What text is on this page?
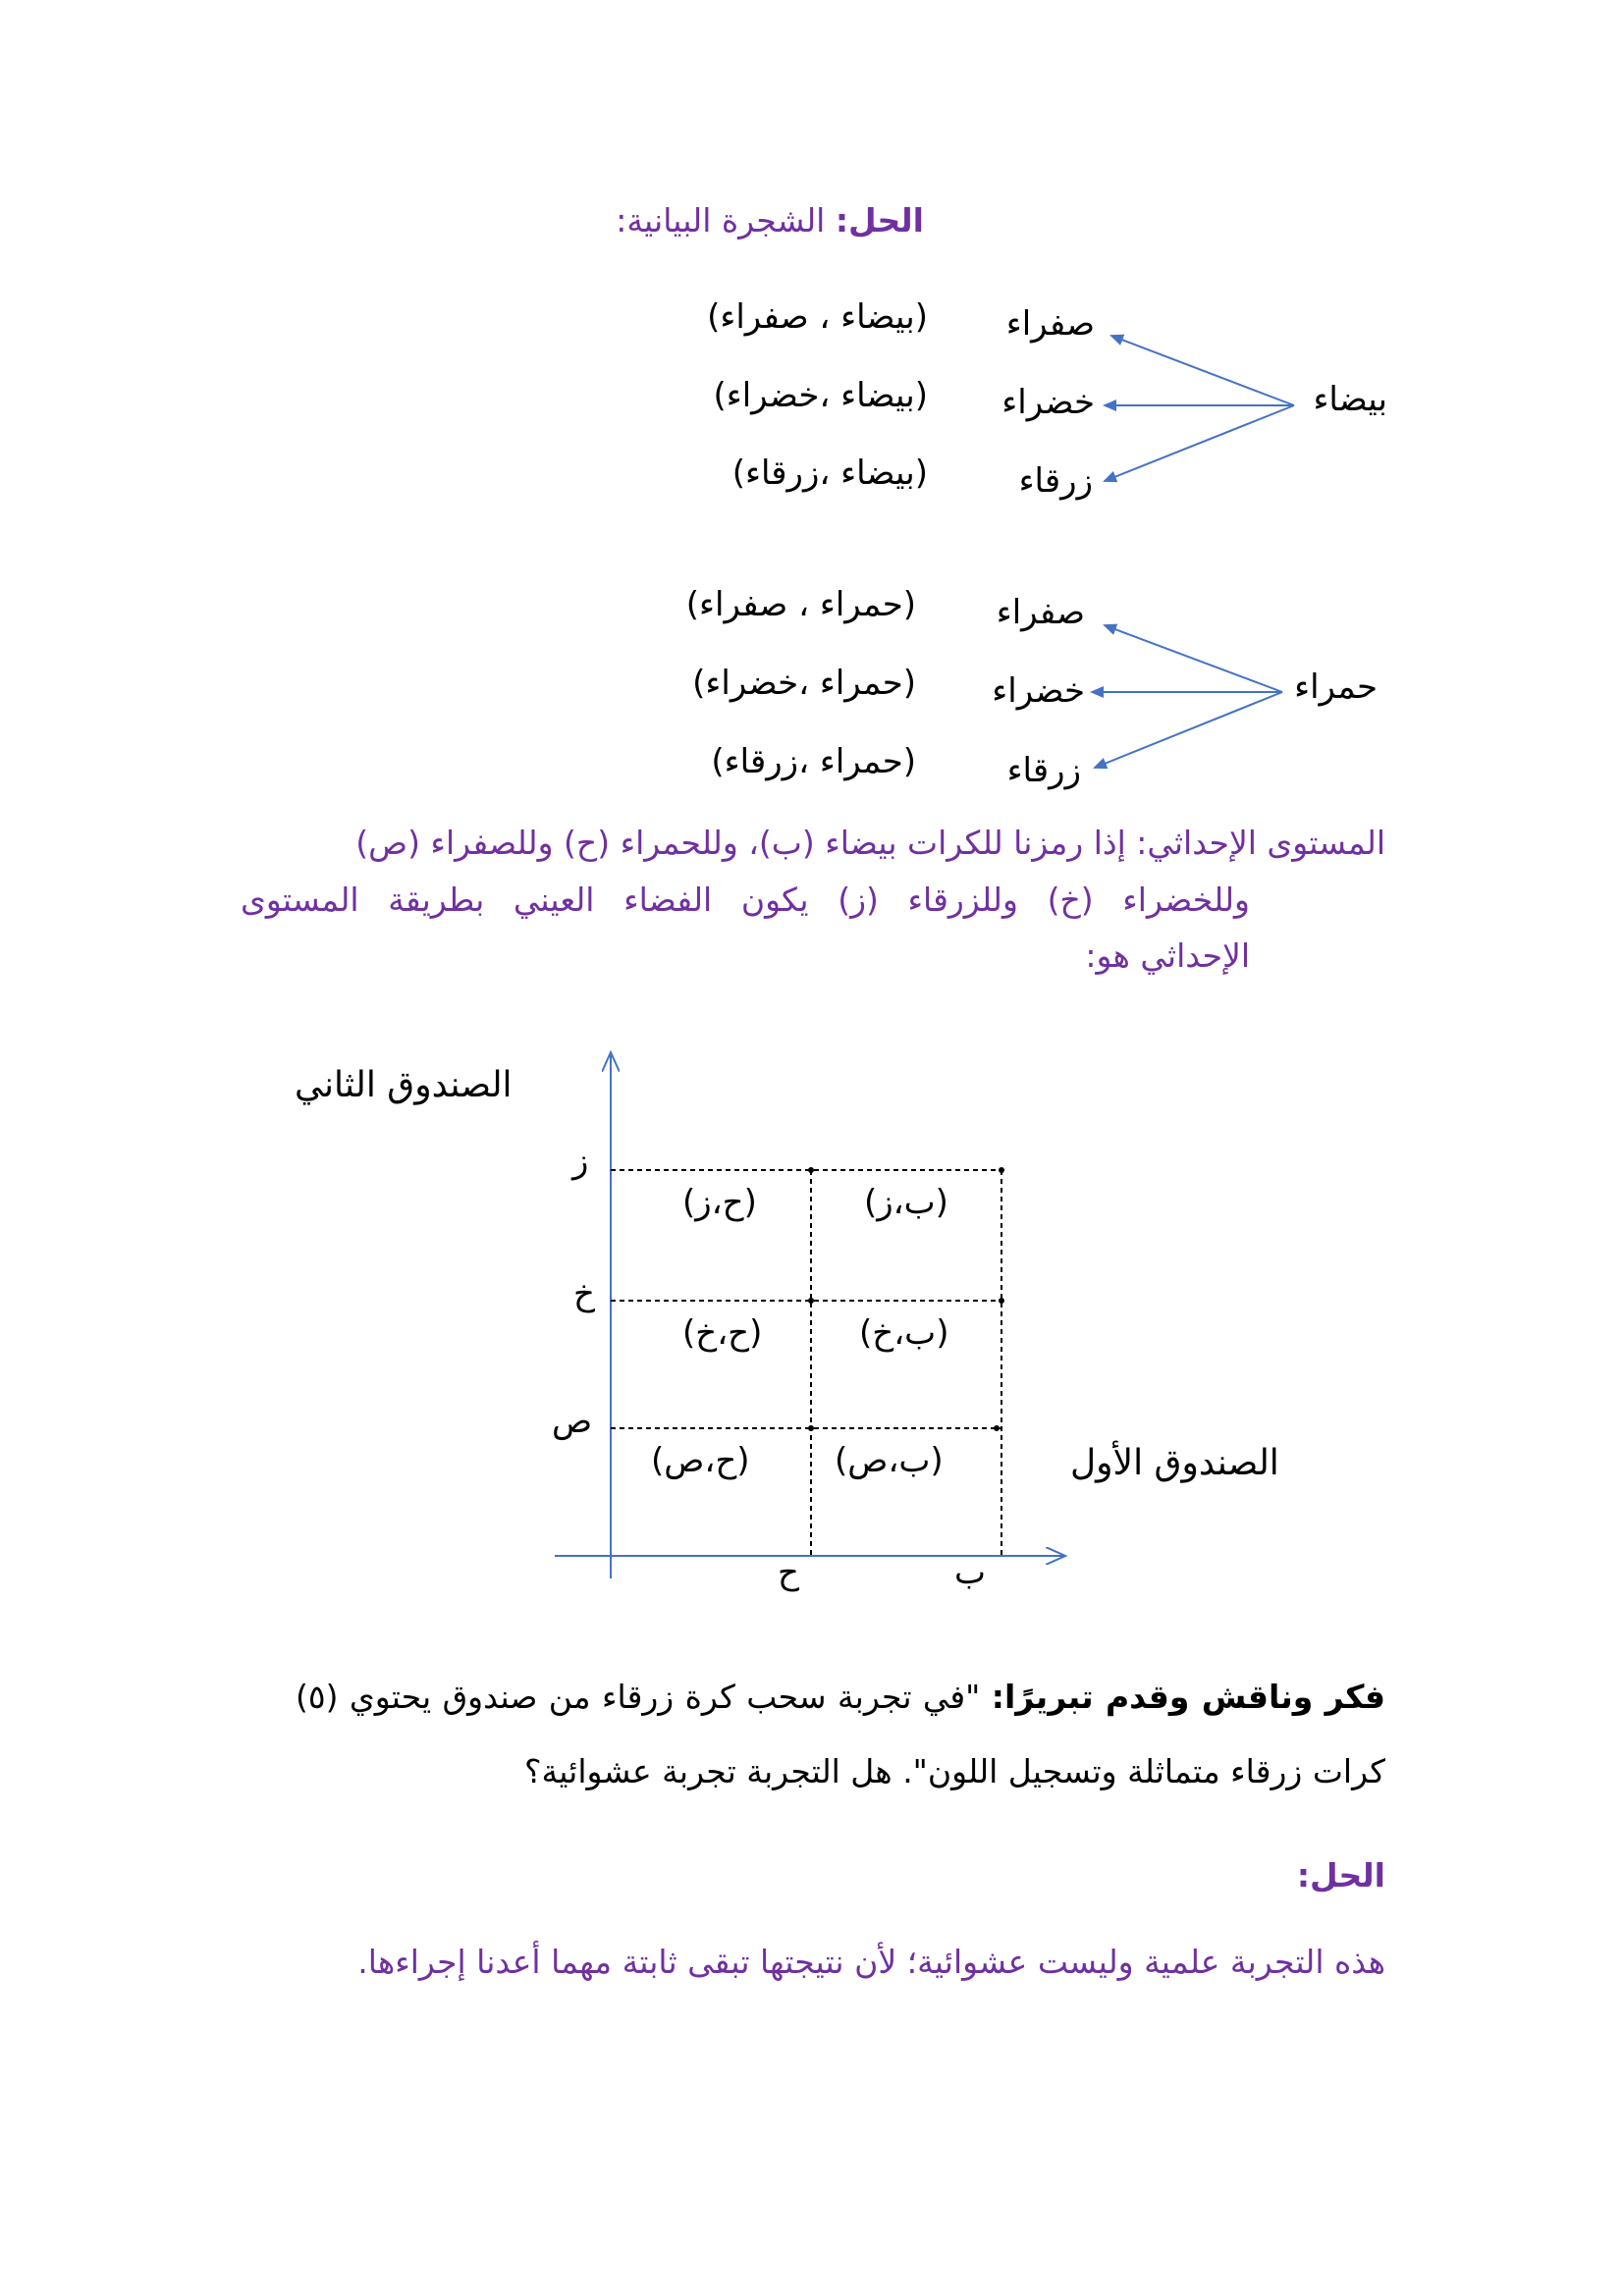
الحل: الشجرة البيانية:
بيضاء
صفراء
خضراء
زرقاء
(بيضاء ، صفراء)
(بيضاء ،خضراء)
(بيضاء ،زرقاء)
حمراء
صفراء
خضراء
زرقاء
(حمراء ، صفراء)
(حمراء ،خضراء)
(حمراء ،زرقاء)
المستوى الإحداثي: إذا رمزنا للكرات بيضاء (ب)، وللحمراء (ح) وللصفراء (ص)
وللخضراء (خ) وللزرقاء (ز) يكون الفضاء العيني بطريقة المستوى
الإحداثي هو:
الصندوق الثاني
الصندوق الأول
ز
خ
ص
ح	ب
(ح،ز)	(ب،ز)
(ح،خ)	(ب،خ)
(ح،ص)	(ب،ص)
فكر وناقش وقدم تبريرًا: "في تجربة سحب كرة زرقاء من صندوق يحتوي (٥)
كرات زرقاء متماثلة وتسجيل اللون". هل التجربة تجربة عشوائية؟
الحل:
هذه التجربة علمية وليست عشوائية؛ لأن نتيجتها تبقى ثابتة مهما أعدنا إجراءها.
